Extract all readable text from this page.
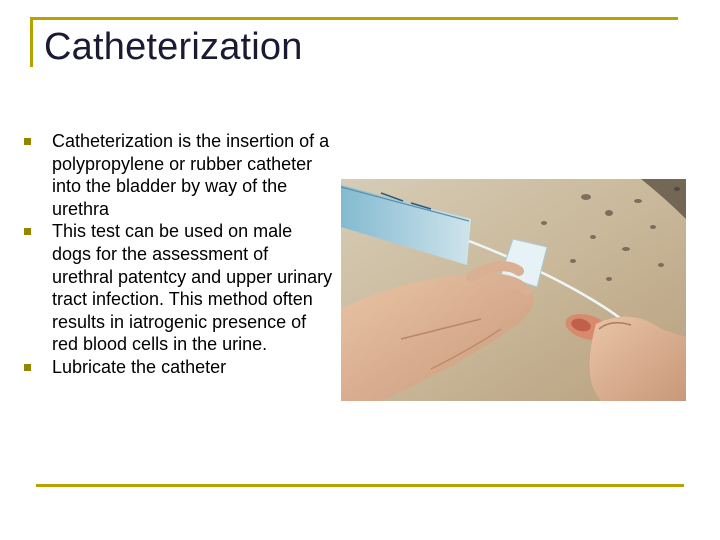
Catheterization
Catheterization is the insertion of a polypropylene or rubber catheter into the bladder by way of the urethra
This test can be used on male dogs for the assessment of urethral patentcy and upper urinary tract infection. This method often results in iatrogenic presence of red blood cells in the urine.
Lubricate the catheter
